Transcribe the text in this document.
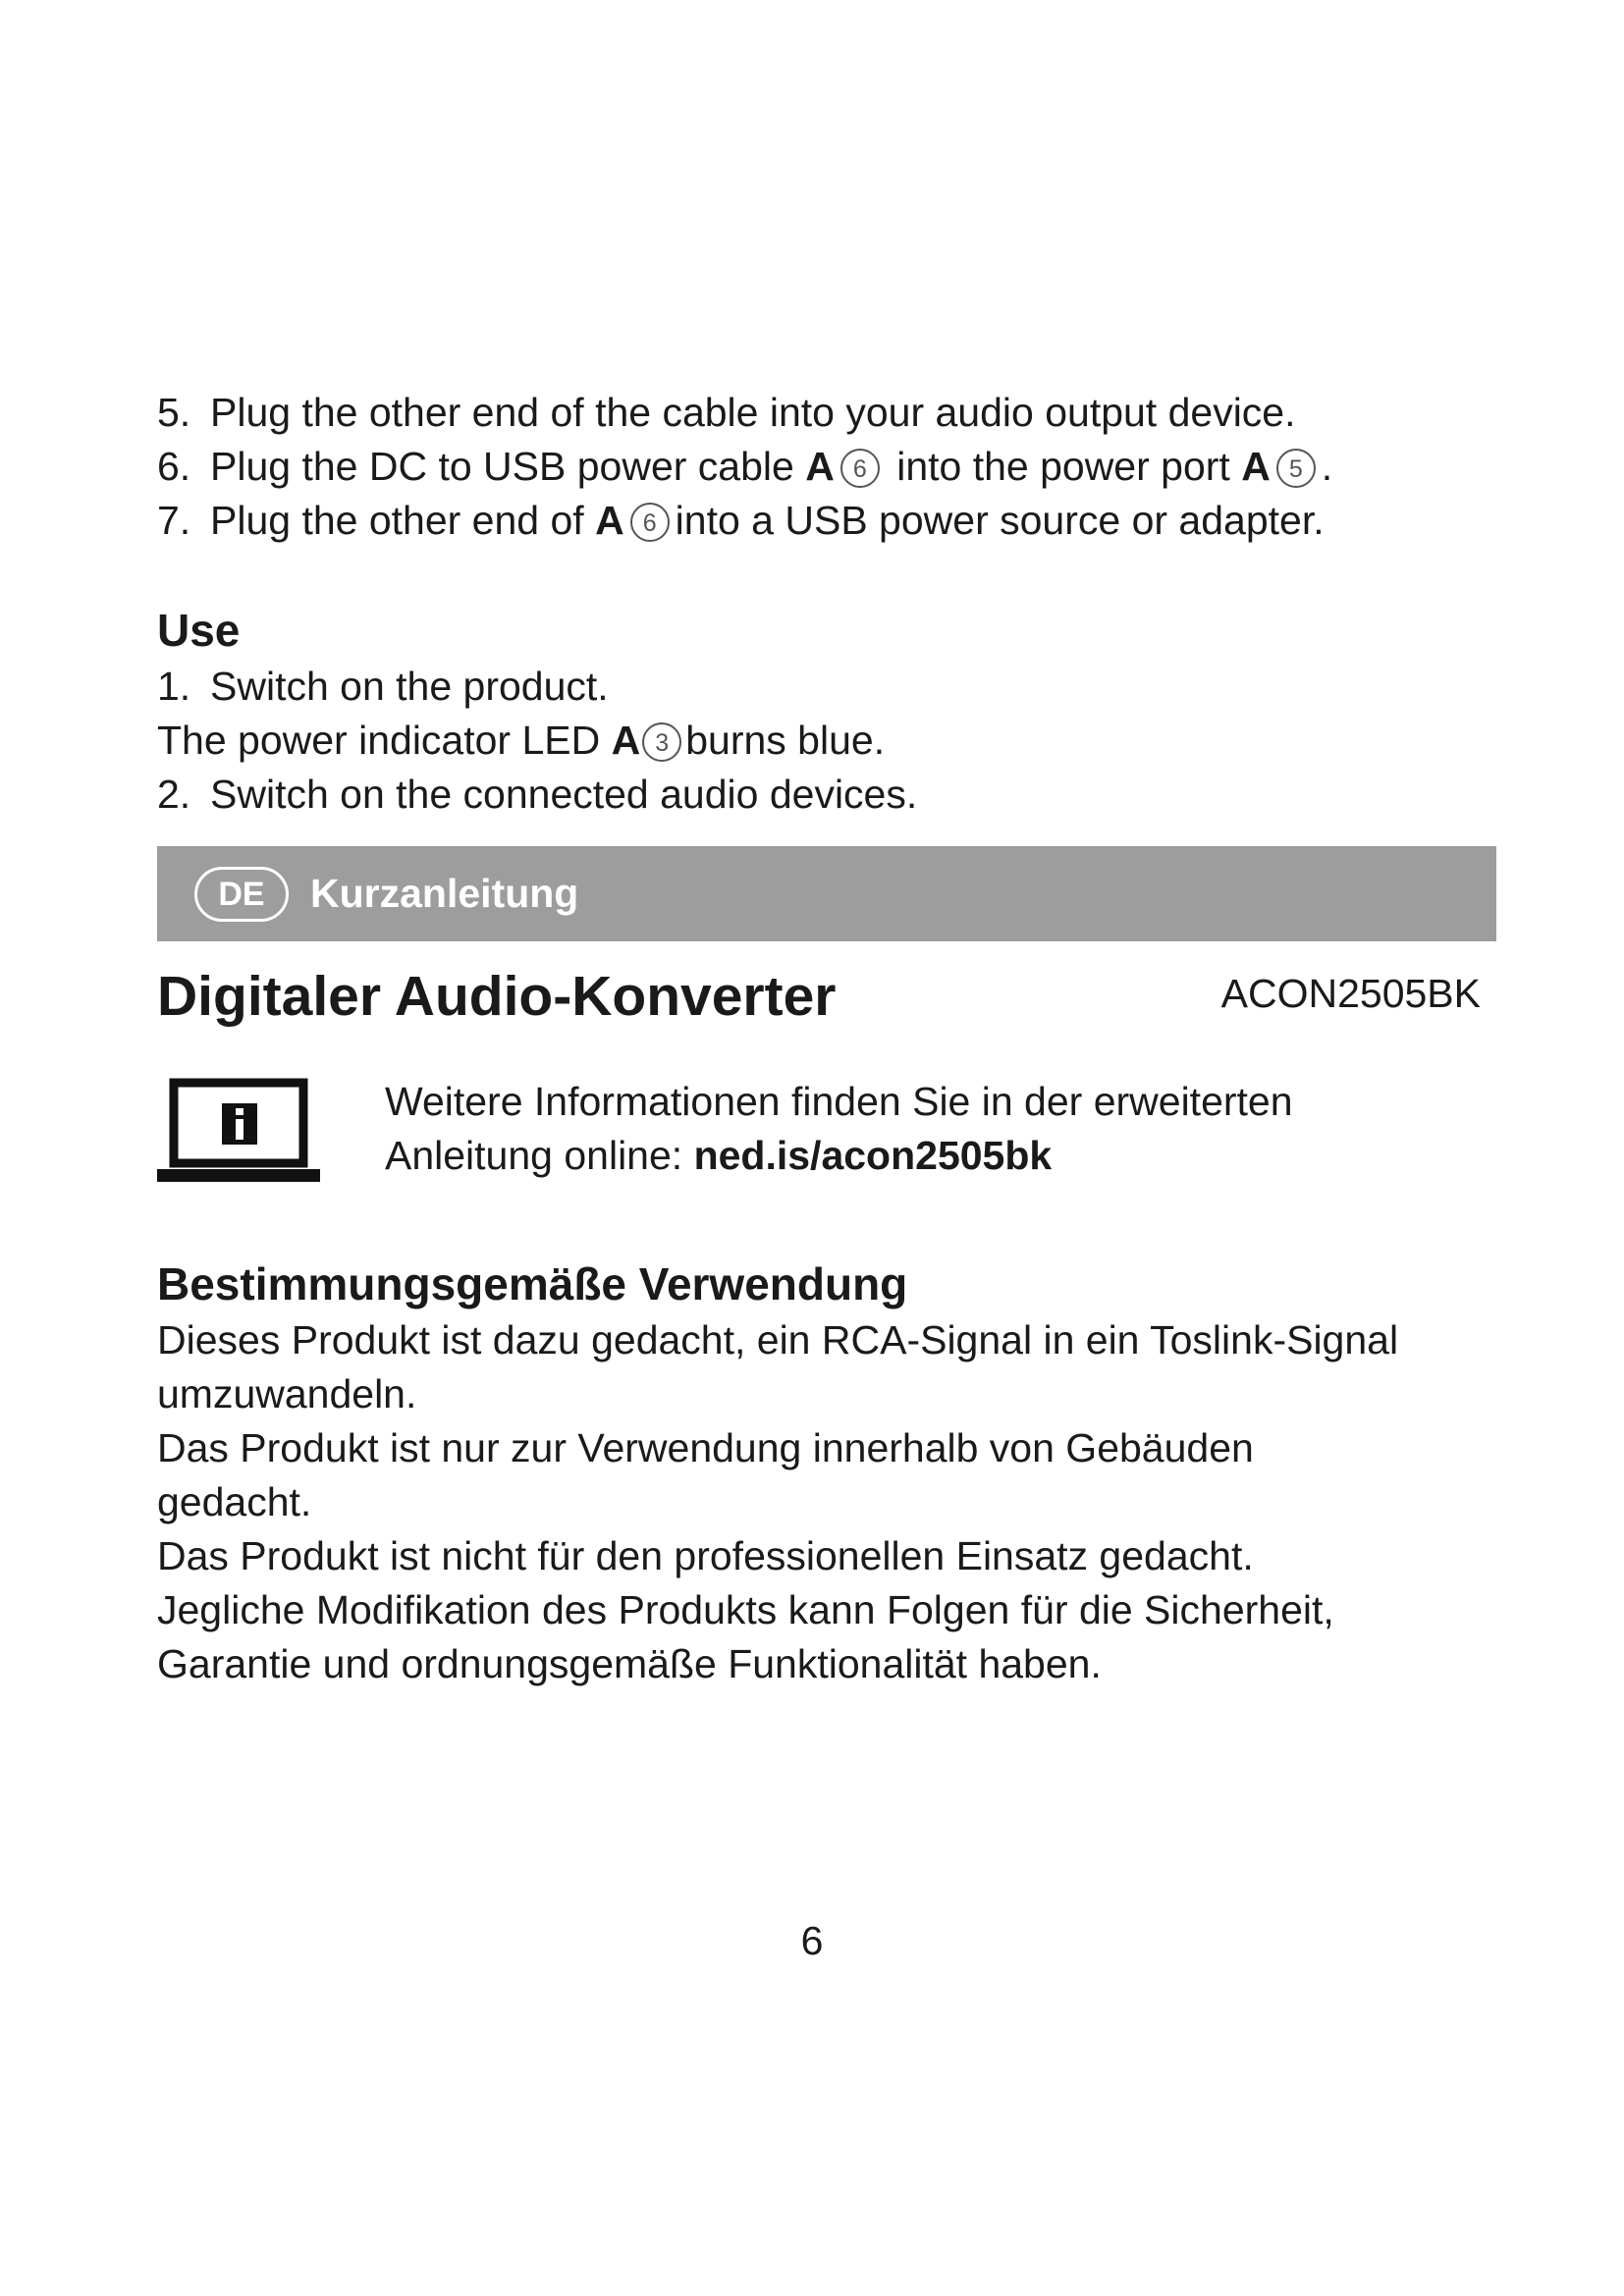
5. Plug the other end of the cable into your audio output device.
6. Plug the DC to USB power cable A 6 into the power port A 5 .
7. Plug the other end of A 6 into a USB power source or adapter.
Use
1. Switch on the product.
The power indicator LED A 3 burns blue.
2. Switch on the connected audio devices.
DE	Kurzanleitung
Digitaler Audio-Konverter	ACON2505BK
Weitere Informationen finden Sie in der erweiterten
Anleitung online: ned.is/acon2505bk
Bestimmungsgemäße Verwendung
Dieses Produkt ist dazu gedacht, ein RCA-Signal in ein Toslink-Signal
umzuwandeln.
Das Produkt ist nur zur Verwendung innerhalb von Gebäuden
gedacht.
Das Produkt ist nicht für den professionellen Einsatz gedacht.
Jegliche Modifikation des Produkts kann Folgen für die Sicherheit,
Garantie und ordnungsgemäße Funktionalität haben.
6
